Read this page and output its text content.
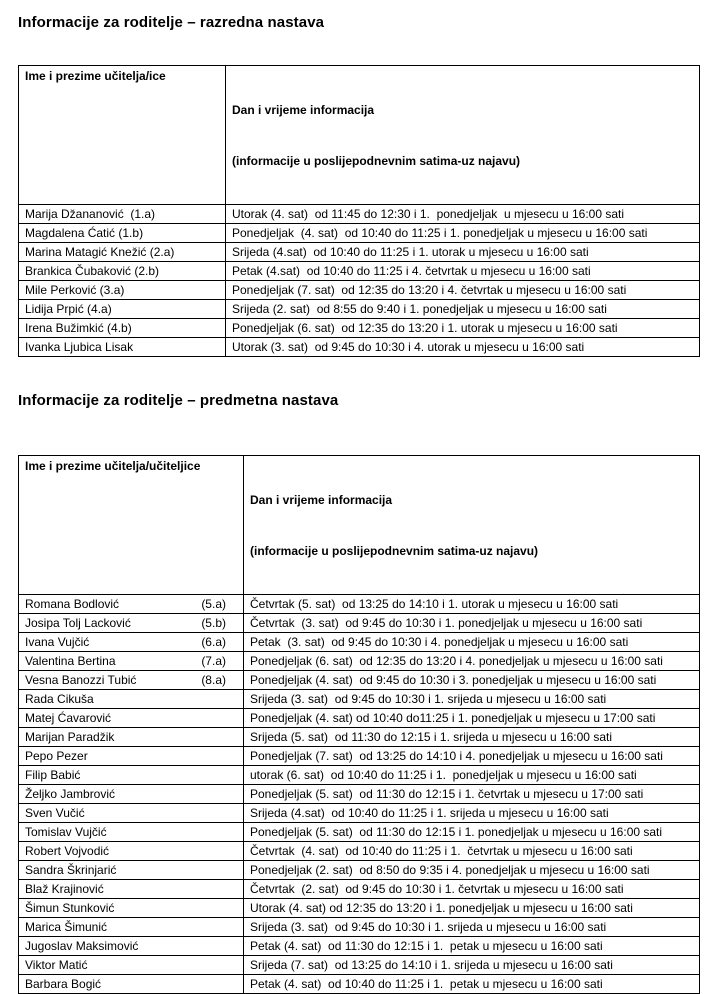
Informacije za roditelje – razredna nastava
Ime i prezime učitelja/ice	Dan i vrijeme informacija

(informacije u poslijepodnevnim satima-uz najavu)

Marija Džananović  (1.a)	Utorak (4. sat)  od 11:45 do 12:30 i 1.  ponedjeljak  u mjesecu u 16:00 sati

Magdalena Ćatić (1.b)	Ponedjeljak  (4. sat)  od 10:40 do 11:25 i 1. ponedjeljak u mjesecu u 16:00 sati

Marina Matagić Knežić (2.a)	Srijeda (4.sat)  od 10:40 do 11:25 i 1. utorak u mjesecu u 16:00 sati

Brankica Čubaković (2.b)	Petak (4.sat)  od 10:40 do 11:25 i 4. četvrtak u mjesecu u 16:00 sati

Mile Perković (3.a)	Ponedjeljak (7. sat)  od 12:35 do 13:20 i 4. četvrtak u mjesecu u 16:00 sati

Lidija Prpić (4.a)	Srijeda (2. sat)  od 8:55 do 9:40 i 1. ponedjeljak u mjesecu u 16:00 sati

Irena Bužimkić (4.b)	Ponedjeljak (6. sat)  od 12:35 do 13:20 i 1. utorak u mjesecu u 16:00 sati

Ivanka Ljubica Lisak	Utorak (3. sat)  od 9:45 do 10:30 i 4. utorak u mjesecu u 16:00 sati
Informacije za roditelje – predmetna nastava
Ime i prezime učitelja/učiteljice	Dan i vrijeme informacija

(informacije u poslijepodnevnim satima-uz najavu)

Romana Bodlović (5.a)	Četvrtak (5. sat)  od 13:25 do 14:10 i 1. utorak u mjesecu u 16:00 sati

Josipa Tolj Lacković (5.b)	Četvrtak  (3. sat)  od 9:45 do 10:30 i 1. ponedjeljak u mjesecu u 16:00 sati

Ivana Vujčić (6.a)	Petak  (3. sat)  od 9:45 do 10:30 i 4. ponedjeljak u mjesecu u 16:00 sati

Valentina Bertina (7.a)	Ponedjeljak (6. sat)  od 12:35 do 13:20 i 4. ponedjeljak u mjesecu u 16:00 sati

Vesna Banozzi Tubić (8.a)	Ponedjeljak (4. sat)  od 9:45 do 10:30 i 3. ponedjeljak u mjesecu u 16:00 sati

Rada Cikuša	Srijeda (3. sat)  od 9:45 do 10:30 i 1. srijeda u mjesecu u 16:00 sati

Matej Ćavarović	Ponedjeljak (4. sat) od 10:40 do11:25 i 1. ponedjeljak u mjesecu u 17:00 sati

Marijan Paradžik	Srijeda (5. sat)  od 11:30 do 12:15 i 1. srijeda u mjesecu u 16:00 sati

Pepo Pezer	Ponedjeljak (7. sat)  od 13:25 do 14:10 i 4. ponedjeljak u mjesecu u 16:00 sati

Filip Babić	utorak (6. sat)  od 10:40 do 11:25 i 1.  ponedjeljak u mjesecu u 16:00 sati

Željko Jambrović	Ponedjeljak (5. sat)  od 11:30 do 12:15 i 1. četvrtak u mjesecu u 17:00 sati

Sven Vučić	Srijeda (4.sat)  od 10:40 do 11:25 i 1. srijeda u mjesecu u 16:00 sati

Tomislav Vujčić	Ponedjeljak (5. sat)  od 11:30 do 12:15 i 1. ponedjeljak u mjesecu u 16:00 sati

Robert Vojvodić	Četvrtak  (4. sat)  od 10:40 do 11:25 i 1.  četvrtak u mjesecu u 16:00 sati

Sandra Škrinjarić	Ponedjeljak (2. sat)  od 8:50 do 9:35 i 4. ponedjeljak u mjesecu u 16:00 sati

Blaž Krajinović	Četvrtak  (2. sat)  od 9:45 do 10:30 i 1. četvrtak u mjesecu u 16:00 sati

Šimun Stunković	Utorak (4. sat) od 12:35 do 13:20 i 1. ponedjeljak u mjesecu u 16:00 sati

Marica Šimunić	Srijeda (3. sat)  od 9:45 do 10:30 i 1. srijeda u mjesecu u 16:00 sati

Jugoslav Maksimović	Petak (4. sat)  od 11:30 do 12:15 i 1.  petak u mjesecu u 16:00 sati

Viktor Matić	Srijeda (7. sat)  od 13:25 do 14:10 i 1. srijeda u mjesecu u 16:00 sati

Barbara Bogić	Petak (4. sat)  od 10:40 do 11:25 i 1.  petak u mjesecu u 16:00 sati
